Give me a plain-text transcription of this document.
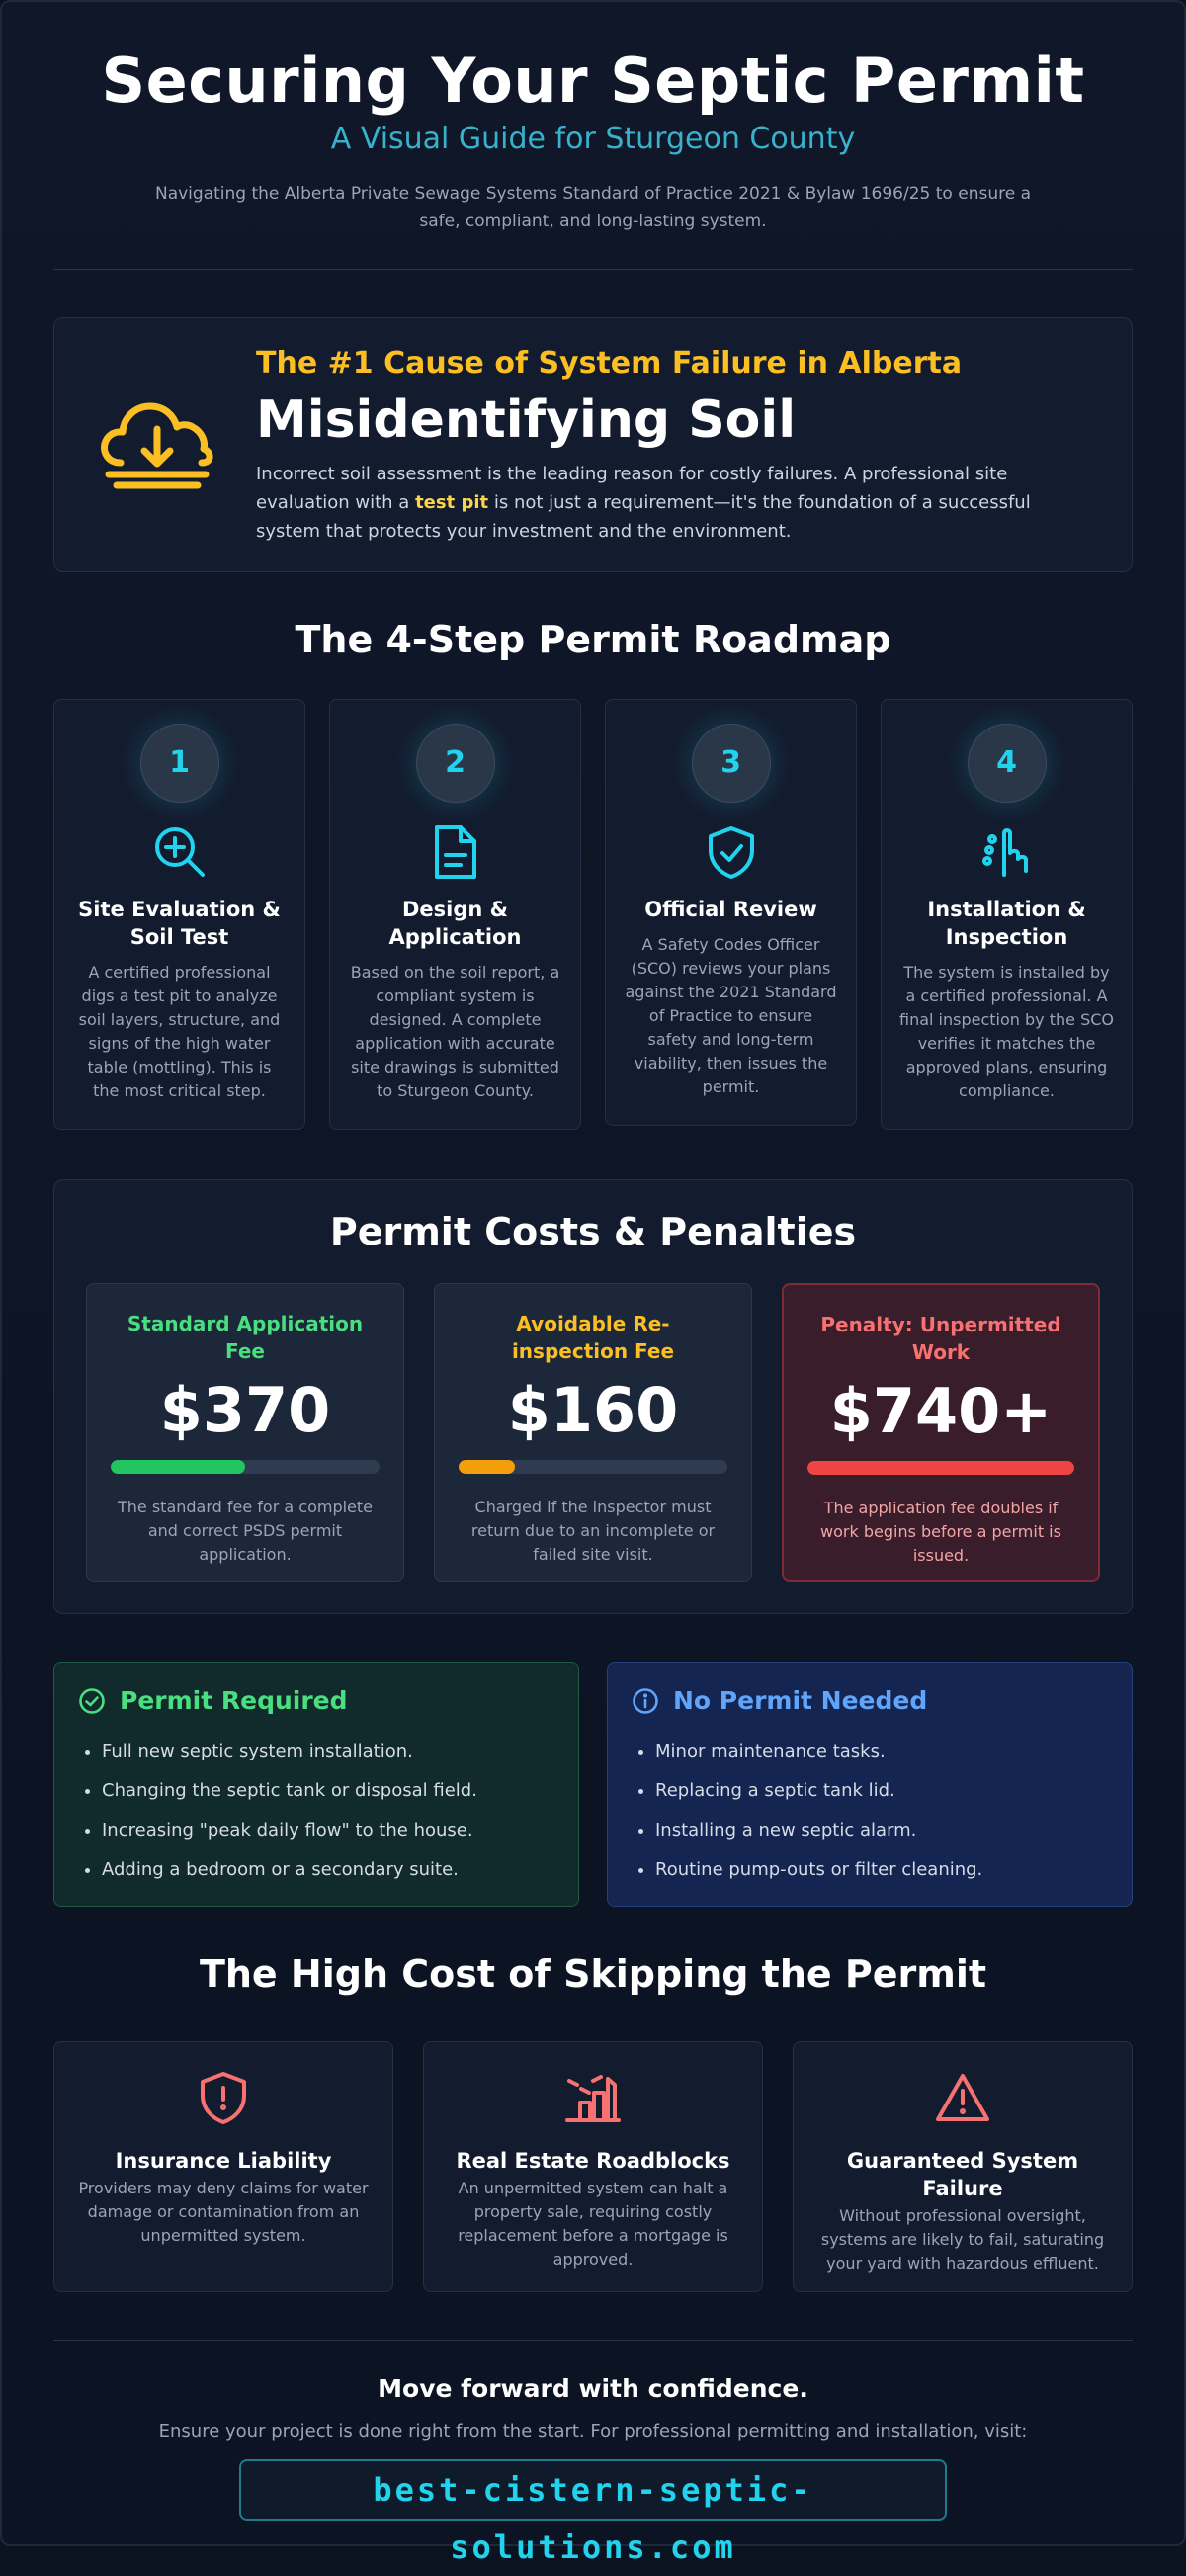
Securing Your Septic Permit
A Visual Guide for Sturgeon County
Navigating the Alberta Private Sewage Systems Standard of Practice 2021 & Bylaw 1696/25 to ensure a safe, compliant, and long-lasting system.
The #1 Cause of System Failure in Alberta
Misidentifying Soil
Incorrect soil assessment is the leading reason for costly failures. A professional site evaluation with a test pit is not just a requirement—it's the foundation of a successful system that protects your investment and the environment.
The 4-Step Permit Roadmap
1
Site Evaluation & Soil Test
A certified professional digs a test pit to analyze soil layers, structure, and signs of the high water table (mottling). This is the most critical step.
2
Design & Application
Based on the soil report, a compliant system is designed. A complete application with accurate site drawings is submitted to Sturgeon County.
3
Official Review
A Safety Codes Officer (SCO) reviews your plans against the 2021 Standard of Practice to ensure safety and long-term viability, then issues the permit.
4
Installation & Inspection
The system is installed by a certified professional. A final inspection by the SCO verifies it matches the approved plans, ensuring compliance.
Permit Costs & Penalties
Standard Application Fee
$370
The standard fee for a complete and correct PSDS permit application.
Avoidable Re-inspection Fee
$160
Charged if the inspector must return due to an incomplete or failed site visit.
Penalty: Unpermitted Work
$740+
The application fee doubles if work begins before a permit is issued.
Permit Required
• Full new septic system installation.
• Changing the septic tank or disposal field.
• Increasing "peak daily flow" to the house.
• Adding a bedroom or a secondary suite.
No Permit Needed
• Minor maintenance tasks.
• Replacing a septic tank lid.
• Installing a new septic alarm.
• Routine pump-outs or filter cleaning.
The High Cost of Skipping the Permit
Insurance Liability
Providers may deny claims for water damage or contamination from an unpermitted system.
Real Estate Roadblocks
An unpermitted system can halt a property sale, requiring costly replacement before a mortgage is approved.
Guaranteed System Failure
Without professional oversight, systems are likely to fail, saturating your yard with hazardous effluent.
Move forward with confidence.
Ensure your project is done right from the start. For professional permitting and installation, visit:
best-cistern-septic-solutions.com
